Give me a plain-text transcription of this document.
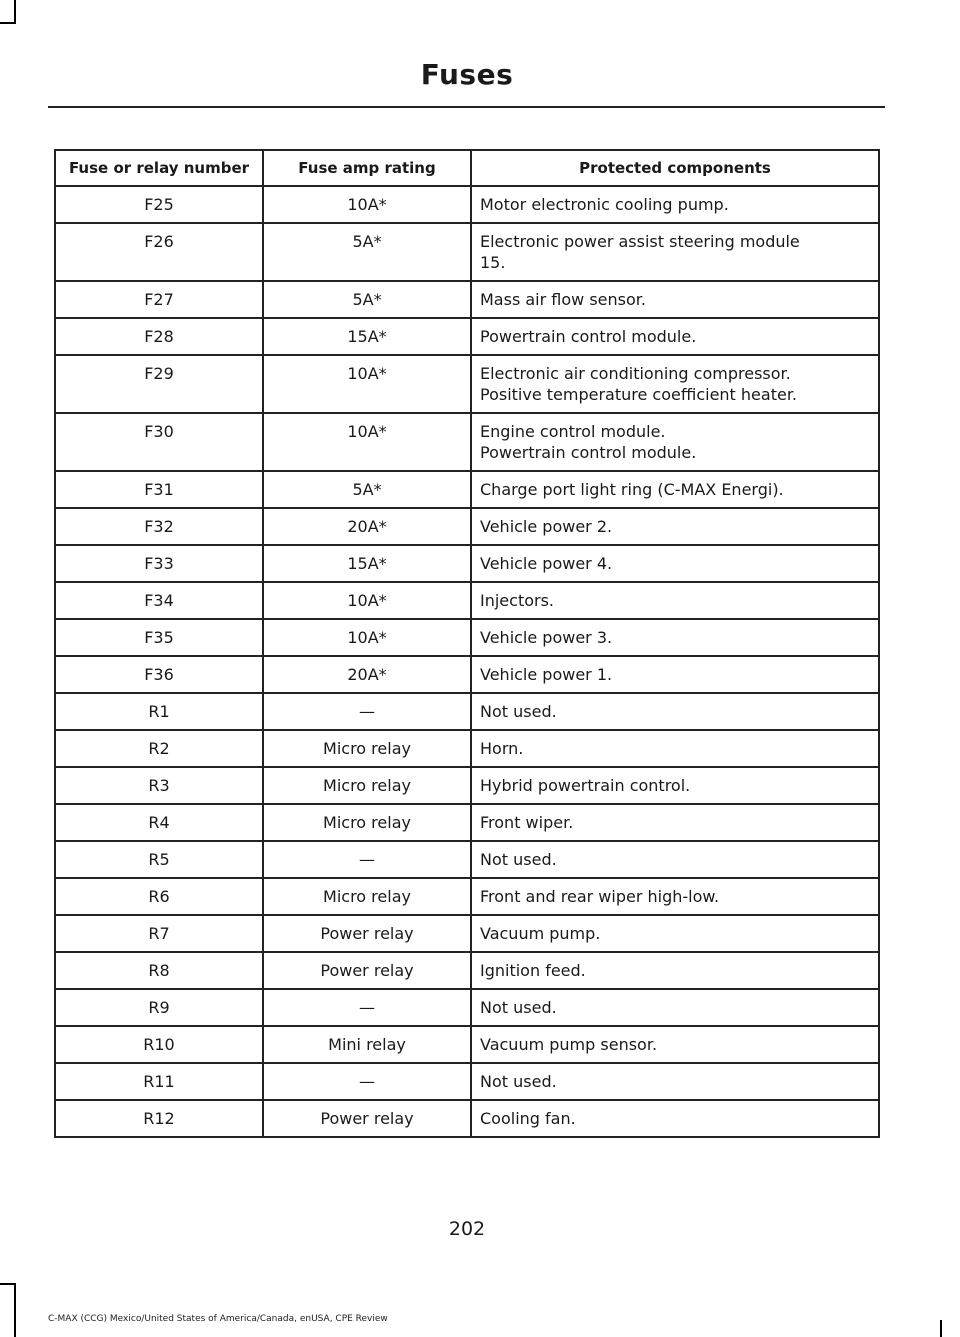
Fuses
Fuse or relay number	Fuse amp rating	Protected components
F25	10A*	Motor electronic cooling pump.

F26	5A*	Electronic power assist steering module
15.

F27	5A*	Mass air flow sensor.

F28	15A*	Powertrain control module.

F29	10A*	Electronic air conditioning compressor.
Positive temperature coefficient heater.

F30	10A*	Engine control module.
Powertrain control module.

F31	5A*	Charge port light ring (C-MAX Energi).

F32	20A*	Vehicle power 2.

F33	15A*	Vehicle power 4.

F34	10A*	Injectors.

F35	10A*	Vehicle power 3.

F36	20A*	Vehicle power 1.

R1	—	Not used.

R2	Micro relay	Horn.

R3	Micro relay	Hybrid powertrain control.

R4	Micro relay	Front wiper.

R5	—	Not used.

R6	Micro relay	Front and rear wiper high-low.

R7	Power relay	Vacuum pump.

R8	Power relay	Ignition feed.

R9	—	Not used.

R10	Mini relay	Vacuum pump sensor.

R11	—	Not used.

R12	Power relay	Cooling fan.
202
C-MAX (CCG) Mexico/United States of America/Canada, enUSA, CPE Review
